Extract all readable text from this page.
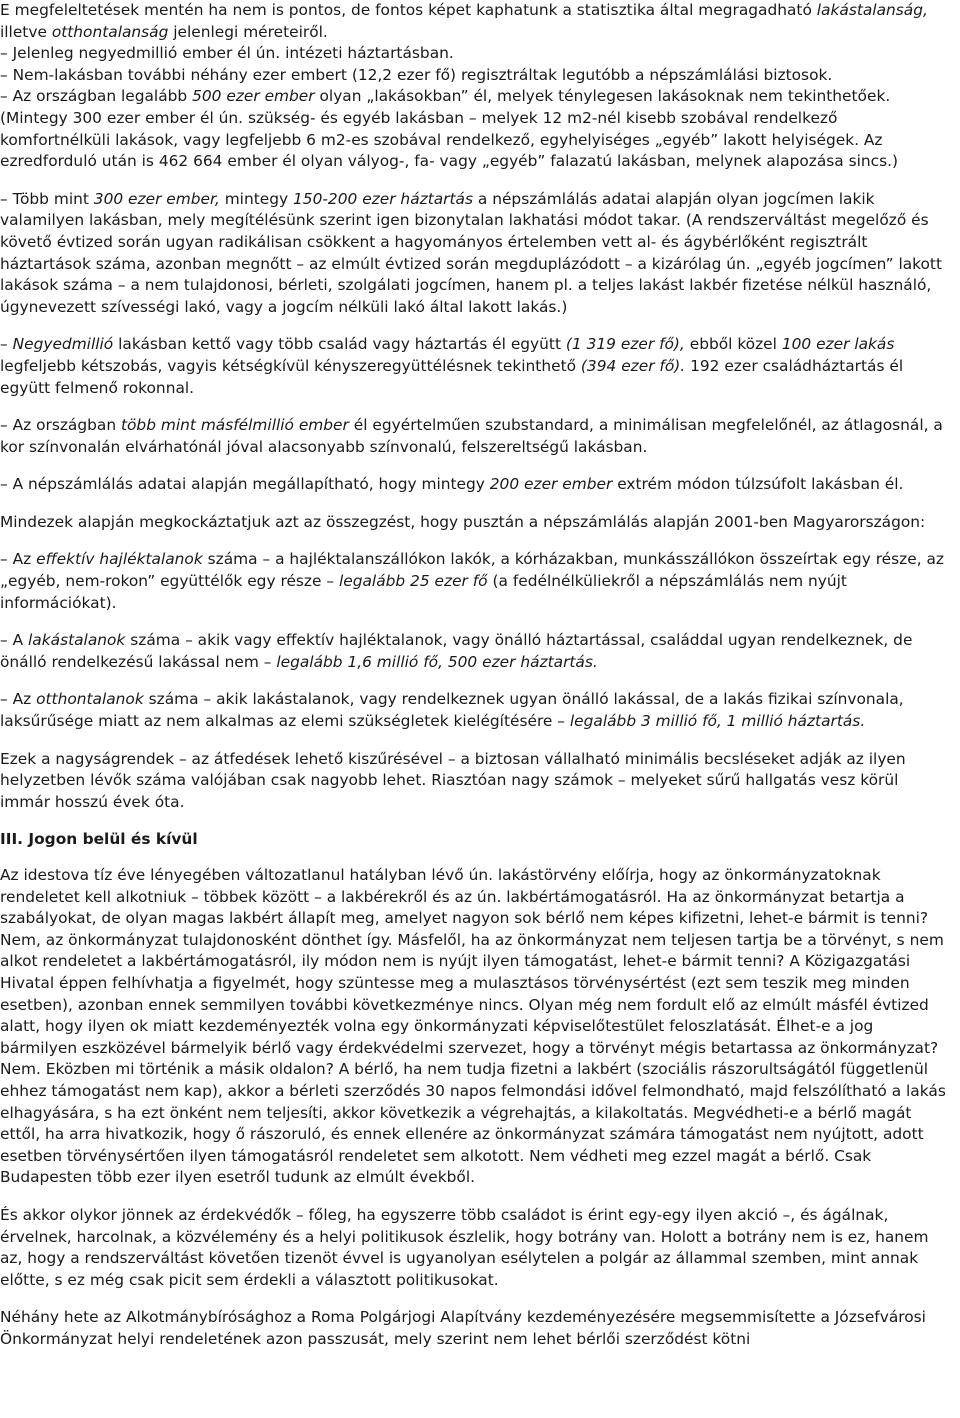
E megfeleltetések mentén ha nem is pontos, de fontos képet kaphatunk a statisztika által megragadható lakástalanság, illetve otthontalanság jelenlegi méreteiről.

– Jelenleg negyedmillió ember él ún. intézeti háztartásban.

– Nem-lakásban további néhány ezer embert (12,2 ezer fő) regisztráltak legutóbb a népszámlálási biztosok.

– Az országban legalább 500 ezer ember olyan „lakásokban” él, melyek ténylegesen lakásoknak nem tekinthetőek. (Mintegy 300 ezer ember él ún. szükség- és egyéb lakásban – melyek 12 m2-nél kisebb szobával rendelkező komfortnélküli lakások, vagy legfeljebb 6 m2-es szobával rendelkező, egyhelyiséges „egyéb” lakott helyiségek. Az ezredforduló után is 462 664 ember él olyan vályog-, fa- vagy „egyéb” falazatú lakásban, melynek alapozása sincs.)

– Több mint 300 ezer ember, mintegy 150-200 ezer háztartás a népszámlálás adatai alapján olyan jogcímen lakik valamilyen lakásban, mely megítélésünk szerint igen bizonytalan lakhatási módot takar. (A rendszerváltást megelőző és követő évtized során ugyan radikálisan csökkent a hagyományos értelemben vett al- és ágybérlőként regisztrált háztartások száma, azonban megnőtt – az elmúlt évtized során megduplázódott – a kizárólag ún. „egyéb jogcímen” lakott lakások száma – a nem tulajdonosi, bérleti, szolgálati jogcímen, hanem pl. a teljes lakást lakbér fizetése nélkül használó, úgynevezett szívességi lakó, vagy a jogcím nélküli lakó által lakott lakás.)

– Negyedmillió lakásban kettő vagy több család vagy háztartás él együtt (1 319 ezer fő), ebből közel 100 ezer lakás legfeljebb kétszobás, vagyis kétségkívül kényszeregyüttélésnek tekinthető (394 ezer fő). 192 ezer családháztartás él együtt felmenő rokonnal.

– Az országban több mint másfélmillió ember él egyértelműen szubstandard, a minimálisan megfelelőnél, az átlagosnál, a kor színvonalán elvárhatónál jóval alacsonyabb színvonalú, felszereltségű lakásban.

– A népszámlálás adatai alapján megállapítható, hogy mintegy 200 ezer ember extrém módon túlzsúfolt lakásban él.

Mindezek alapján megkockáztatjuk azt az összegzést, hogy pusztán a népszámlálás alapján 2001-ben Magyarországon:

– Az effektív hajléktalanok száma – a hajléktalanszállókon lakók, a kórházakban, munkásszállókon összeírtak egy része, az „egyéb, nem-rokon” együttélők egy része – legalább 25 ezer fő (a fedélnélküliekről a népszámlálás nem nyújt információkat).

– A lakástalanok száma – akik vagy effektív hajléktalanok, vagy önálló háztartással, családdal ugyan rendelkeznek, de önálló rendelkezésű lakással nem – legalább 1,6 millió fő, 500 ezer háztartás.

– Az otthontalanok száma – akik lakástalanok, vagy rendelkeznek ugyan önálló lakással, de a lakás fizikai színvonala, laksűrűsége miatt az nem alkalmas az elemi szükségletek kielégítésére – legalább 3 millió fő, 1 millió háztartás.

Ezek a nagyságrendek – az átfedések lehető kiszűrésével – a biztosan vállalható minimális becsléseket adják az ilyen helyzetben lévők száma valójában csak nagyobb lehet. Riasztóan nagy számok – melyeket sűrű hallgatás vesz körül immár hosszú évek óta.

III. Jogon belül és kívül

Az idestova tíz éve lényegében változatlanul hatályban lévő ún. lakástörvény előírja, hogy az önkormányzatoknak rendeletet kell alkotniuk – többek között – a lakbérekről és az ún. lakbértámogatásról. Ha az önkormányzat betartja a szabályokat, de olyan magas lakbért állapít meg, amelyet nagyon sok bérlő nem képes kifizetni, lehet-e bármit is tenni? Nem, az önkormányzat tulajdonosként dönthet így. Másfelől, ha az önkormányzat nem teljesen tartja be a törvényt, s nem alkot rendeletet a lakbértámogatásról, ily módon nem is nyújt ilyen támogatást, lehet-e bármit tenni? A Közigazgatási Hivatal éppen felhívhatja a figyelmét, hogy szüntesse meg a mulasztásos törvénysértést (ezt sem teszik meg minden esetben), azonban ennek semmilyen további következménye nincs. Olyan még nem fordult elő az elmúlt másfél évtized alatt, hogy ilyen ok miatt kezdeményezték volna egy önkormányzati képviselőtestület feloszlatását. Élhet-e a jog bármilyen eszközével bármelyik bérlő vagy érdekvédelmi szervezet, hogy a törvényt mégis betartassa az önkormányzat? Nem. Eközben mi történik a másik oldalon? A bérlő, ha nem tudja fizetni a lakbért (szociális rászorultságától függetlenül ehhez támogatást nem kap), akkor a bérleti szerződés 30 napos felmondási idővel felmondható, majd felszólítható a lakás elhagyására, s ha ezt önként nem teljesíti, akkor következik a végrehajtás, a kilakoltatás. Megvédheti-e a bérlő magát ettől, ha arra hivatkozik, hogy ő rászoruló, és ennek ellenére az önkormányzat számára támogatást nem nyújtott, adott esetben törvénysértően ilyen támogatásról rendeletet sem alkotott. Nem védheti meg ezzel magát a bérlő. Csak Budapesten több ezer ilyen esetről tudunk az elmúlt évekből.

És akkor olykor jönnek az érdekvédők – főleg, ha egyszerre több családot is érint egy-egy ilyen akció –, és ágálnak, érvelnek, harcolnak, a közvélemény és a helyi politikusok észlelik, hogy botrány van. Holott a botrány nem is ez, hanem az, hogy a rendszerváltást követően tizenöt évvel is ugyanolyan esélytelen a polgár az állammal szemben, mint annak előtte, s ez még csak picit sem érdekli a választott politikusokat.

Néhány hete az Alkotmánybírósághoz a Roma Polgárjogi Alapítvány kezdeményezésére megsemmisítette a Józsefvárosi Önkormányzat helyi rendeletének azon passzusát, mely szerint nem lehet bérlői szerződést kötni
